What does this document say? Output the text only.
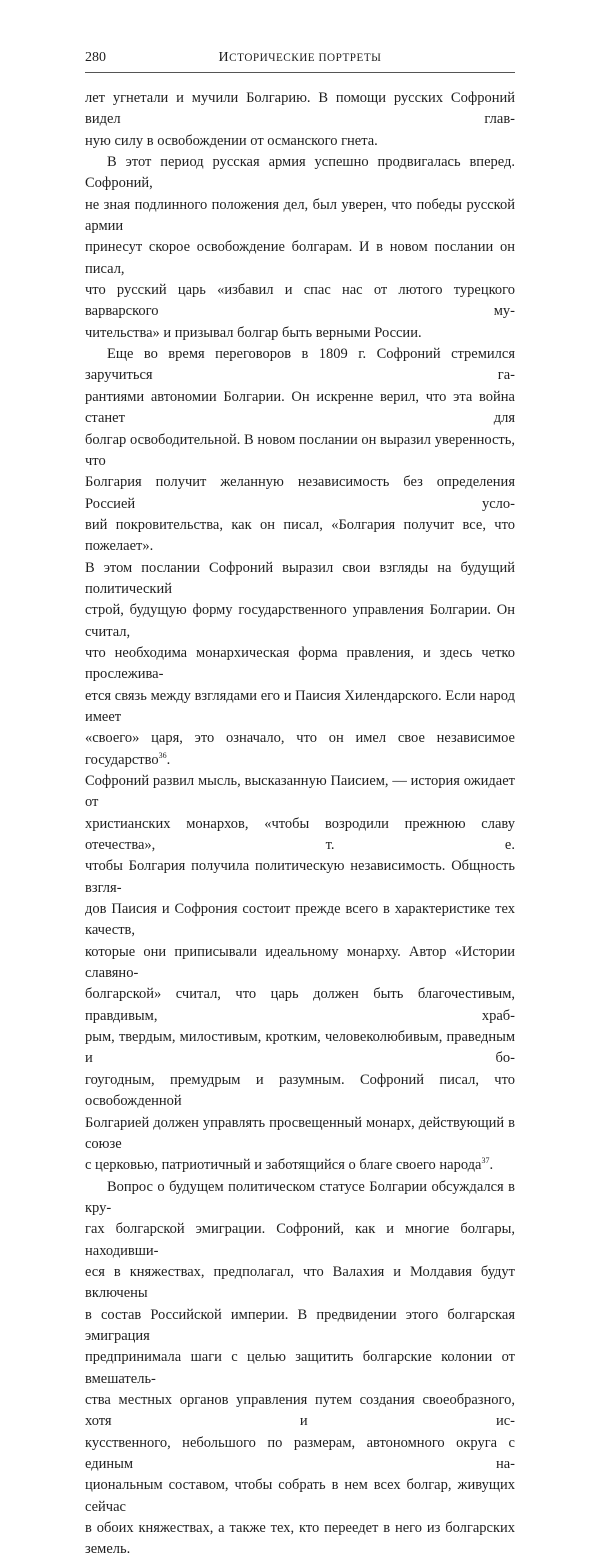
280	ИСТОРИЧЕСКИЕ ПОРТРЕТЫ

лет угнетали и мучили Болгарию. В помощи русских Софроний видел глав-

ную силу в освобождении от османского гнета.

В этот период русская армия успешно продвигалась вперед. Софроний,

не зная подлинного положения дел, был уверен, что победы русской армии

принесут скорое освобождение болгарам. И в новом послании он писал,

что русский царь «избавил и спас нас от лютого турецкого варварского му-

чительства» и призывал болгар быть верными России.

Еще во время переговоров в 1809 г. Софроний стремился заручиться га-

рантиями автономии Болгарии. Он искренне верил, что эта война станет для

болгар освободительной. В новом послании он выразил уверенность, что

Болгария получит желанную независимость без определения Россией усло-

вий покровительства, как он писал, «Болгария получит все, что пожелает».

В этом послании Софроний выразил свои взгляды на будущий политический

строй, будущую форму государственного управления Болгарии. Он считал,

что необходима монархическая форма правления, и здесь четко прослежива-

ется связь между взглядами его и Паисия Хилендарского. Если народ имеет

«своего» царя, это означало, что он имел свое независимое государство$^{36}$.

Софроний развил мысль, высказанную Паисием, — история ожидает от

христианских монархов, «чтобы возродили прежнюю славу отечества», т. е.

чтобы Болгария получила политическую независимость. Общность взгля-

дов Паисия и Софрония состоит прежде всего в характеристике тех качеств,

которые они приписывали идеальному монарху. Автор «Истории славяно-

болгарской» считал, что царь должен быть благочестивым, правдивым, храб-

рым, твердым, милостивым, кротким, человеколюбивым, праведным и бо-

гоугодным, премудрым и разумным. Софроний писал, что освобожденной

Болгарией должен управлять просвещенный монарх, действующий в союзе

с церковью, патриотичный и заботящийся о благе своего народа$^{37}$.

Вопрос о будущем политическом статусе Болгарии обсуждался в кру-

гах болгарской эмиграции. Софроний, как и многие болгары, находивши-

еся в княжествах, предполагал, что Валахия и Молдавия будут включены

в состав Российской империи. В предвидении этого болгарская эмиграция

предпринимала шаги с целью защитить болгарские колонии от вмешатель-

ства местных органов управления путем создания своеобразного, хотя и ис-

кусственного, небольшого по размерам, автономного округа с единым на-

циональным составом, чтобы собрать в нем всех болгар, живущих сейчас

в обоих княжествах, а также тех, кто переедет в него из болгарских земель.
